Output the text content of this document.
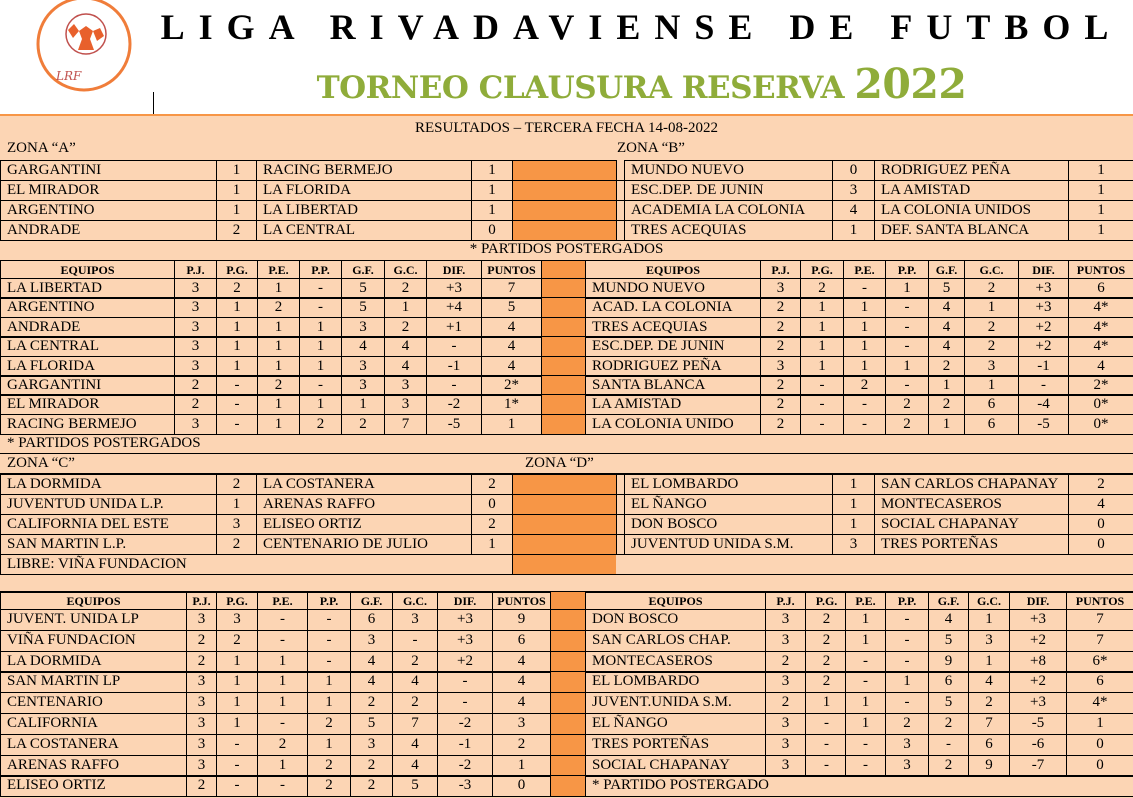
LRF
LIGA RIVADAVIENSE DE FUTBOL
TORNEO CLAUSURA RESERVA 2022
RESULTADOS – TERCERA FECHA 14-08-2022
ZONA “A”	ZONA “B”
GARGANTINI	1	RACING BERMEJO	1	MUNDO NUEVO	0	RODRIGUEZ PEÑA	1
EL MIRADOR	1	LA FLORIDA	1	ESC.DEP. DE JUNIN	3	LA AMISTAD	1
ARGENTINO	1	LA LIBERTAD	1	ACADEMIA LA COLONIA	4	LA COLONIA UNIDOS	1
ANDRADE	2	LA CENTRAL	0	TRES ACEQUIAS	1	DEF. SANTA BLANCA	1
* PARTIDOS POSTERGADOS
EQUIPOS	P.J.	P.G.	P.E.	P.P.	G.F.	G.C.	DIF.	PUNTOS	EQUIPOS	P.J.	P.G.	P.E.	P.P.	G.F.	G.C.	DIF.	PUNTOS
LA LIBERTAD	3	2	1	-	5	2	+3	7	MUNDO NUEVO	3	2	-	1	5	2	+3	6
ARGENTINO	3	1	2	-	5	1	+4	5	ACAD. LA COLONIA	2	1	1	-	4	1	+3	4*
ANDRADE	3	1	1	1	3	2	+1	4	TRES ACEQUIAS	2	1	1	-	4	2	+2	4*
LA CENTRAL	3	1	1	1	4	4	-	4	ESC.DEP. DE JUNIN	2	1	1	-	4	2	+2	4*
LA FLORIDA	3	1	1	1	3	4	-1	4	RODRIGUEZ PEÑA	3	1	1	1	2	3	-1	4
GARGANTINI	2	-	2	-	3	3	-	2*	SANTA BLANCA	2	-	2	-	1	1	-	2*
EL MIRADOR	2	-	1	1	1	3	-2	1*	LA AMISTAD	2	-	-	2	2	6	-4	0*
RACING BERMEJO	3	-	1	2	2	7	-5	1	LA COLONIA UNIDO	2	-	-	2	1	6	-5	0*
* PARTIDOS POSTERGADOS
ZONA “C”	ZONA “D”
LA DORMIDA	2	LA COSTANERA	2	EL LOMBARDO	1	SAN CARLOS CHAPANAY	2
JUVENTUD UNIDA L.P.	1	ARENAS RAFFO	0	EL ÑANGO	1	MONTECASEROS	4
CALIFORNIA DEL ESTE	3	ELISEO ORTIZ	2	DON BOSCO	1	SOCIAL CHAPANAY	0
SAN MARTIN L.P.	2	CENTENARIO DE JULIO	1	JUVENTUD UNIDA S.M.	3	TRES PORTEÑAS	0
LIBRE: VIÑA FUNDACION
EQUIPOS	P.J.	P.G.	P.E.	P.P.	G.F.	G.C.	DIF.	PUNTOS	EQUIPOS	P.J.	P.G.	P.E.	P.P.	G.F.	G.C.	DIF.	PUNTOS
JUVENT. UNIDA LP	3	3	-	-	6	3	+3	9	DON BOSCO	3	2	1	-	4	1	+3	7
VIÑA FUNDACION	2	2	-	-	3	-	+3	6	SAN CARLOS CHAP.	3	2	1	-	5	3	+2	7
LA DORMIDA	2	1	1	-	4	2	+2	4	MONTECASEROS	2	2	-	-	9	1	+8	6*
SAN MARTIN LP	3	1	1	1	4	4	-	4	EL LOMBARDO	3	2	-	1	6	4	+2	6
CENTENARIO	3	1	1	1	2	2	-	4	JUVENT.UNIDA S.M.	2	1	1	-	5	2	+3	4*
CALIFORNIA	3	1	-	2	5	7	-2	3	EL ÑANGO	3	-	1	2	2	7	-5	1
LA COSTANERA	3	-	2	1	3	4	-1	2	TRES PORTEÑAS	3	-	-	3	-	6	-6	0
ARENAS RAFFO	3	-	1	2	2	4	-2	1	SOCIAL CHAPANAY	3	-	-	3	2	9	-7	0
ELISEO ORTIZ	2	-	-	2	2	5	-3	0	* PARTIDO POSTERGADO
